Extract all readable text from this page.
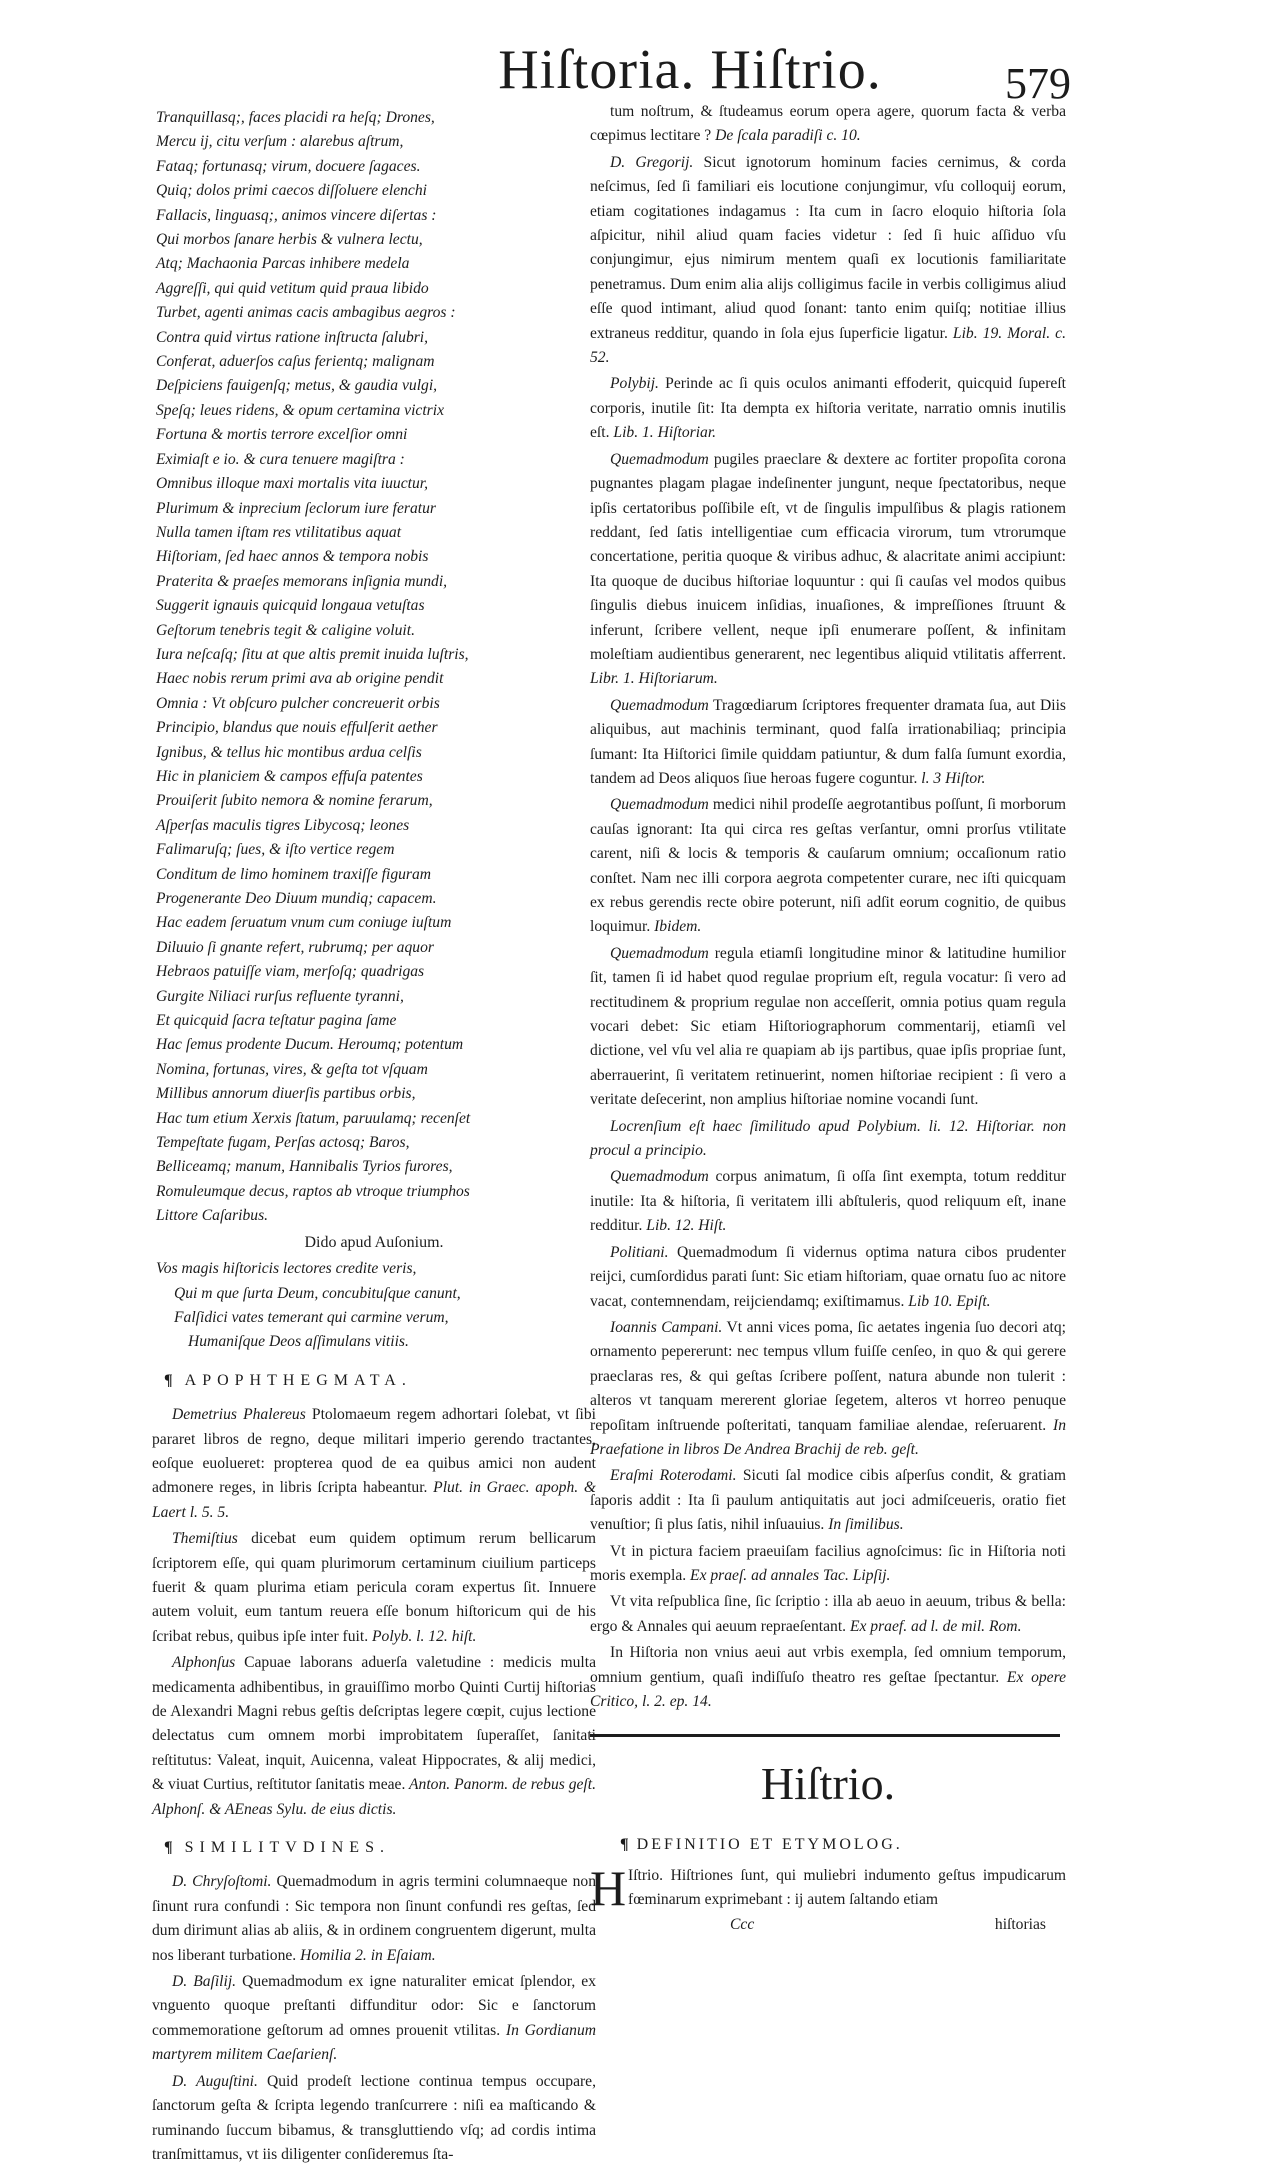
Hiſtoria. Hiſtrio.	579
Tranquillasq;, faces placidi ra heſq; Drones,
Mercu ij, citu verſum : alarebus aſtrum,
Fataq; fortunasq; virum, docuere ſagaces.
Quiq; dolos primi caecos diſſoluere elenchi
Fallacis, linguasq;, animos vincere diſertas :
Qui morbos ſanare herbis & vulnera lectu,
Atq; Machaonia Parcas inhibere medela
Aggreſſi, qui quid vetitum quid praua libido
Turbet, agenti animas cacis ambagibus aegros :
Contra quid virtus ratione inſtructa ſalubri,
Conferat, aduerſos caſus ferientq; malignam
Deſpiciens fauigenſq; metus, & gaudia vulgi,
Speſq; leues ridens, & opum certamina victrix
Fortuna & mortis terrore excelſior omni
Eximiaſt e io. & cura tenuere magiſtra :
Omnibus illoque maxi mortalis vita iuuctur,
Plurimum & inprecium ſeclorum iure feratur
Nulla tamen iſtam res vtilitatibus aquat
Hiſtoriam, ſed haec annos & tempora nobis
Praterita & praeſes memorans inſignia mundi,
Suggerit ignauis quicquid longaua vetuſtas
Geſtorum tenebris tegit & caligine voluit.
Iura neſcaſq; ſitu at que altis premit inuida luſtris,
Haec nobis rerum primi ava ab origine pendit
Omnia : Vt obſcuro pulcher concreuerit orbis
Principio, blandus que nouis effulſerit aether
Ignibus, & tellus hic montibus ardua celſis
Hic in planiciem & campos effuſa patentes
Prouiſerit ſubito nemora & nomine ferarum,
Aſperſas maculis tigres Libycosq; leones
Falimaruſq; ſues, & iſto vertice regem
Conditum de limo hominem traxiſſe figuram
Progenerante Deo Diuum mundiq; capacem.
Hac eadem ſeruatum vnum cum coniuge iuſtum
Diluuio ſi gnante refert, rubrumq; per aquor
Hebraos patuiſſe viam, merſoſq; quadrigas
Gurgite Niliaci rurſus refluente tyranni,
Et quicquid ſacra teſtatur pagina ſame
Hac ſemus prodente Ducum. Heroumq; potentum
Nomina, fortunas, vires, & geſta tot vſquam
Millibus annorum diuerſis partibus orbis,
Hac tum etium Xerxis ſtatum, paruulamq; recenſet
Tempeſtate fugam, Perſas actosq; Baros,
Belliceamq; manum, Hannibalis Tyrios furores,
Romuleumque decus, raptos ab vtroque triumphos
Littore Caſaribus.
Dido apud Auſonium.
Vos magis hiſtoricis lectores credite veris,
Qui m que ſurta Deum, concubituſque canunt,
Falſidici vates temerant qui carmine verum,
Humaniſque Deos aſſimulans vitiis.
¶ APOPHTHEGMATA.
Demetrius Phalereus Ptolomaeum regem adhortari ſolebat, vt ſibi pararet libros de regno, deque militari imperio gerendo tractantes, eoſque euolueret: propterea quod de ea quibus amici non audent admonere reges, in libris ſcripta habeantur. Plut. in Graec. apoph. & Laert l. 5. 5.
Themiſtius dicebat eum quidem optimum rerum bellicarum ſcriptorem eſſe, qui quam plurimorum certaminum ciuilium particeps fuerit & quam plurima etiam pericula coram expertus ſit. Innuere autem voluit, eum tantum reuera eſſe bonum hiſtoricum qui de his ſcribat rebus, quibus ipſe inter fuit. Polyb. l. 12. hiſt.
Alphonſus Capuae laborans aduerſa valetudine : medicis multa medicamenta adhibentibus, in grauiſſimo morbo Quinti Curtij hiſtorias de Alexandri Magni rebus geſtis deſcriptas legere cœpit, cujus lectione delectatus cum omnem morbi improbitatem ſuperaſſet, ſanitati reſtitutus: Valeat, inquit, Auicenna, valeat Hippocrates, & alij medici, & viuat Curtius, reſtitutor ſanitatis meae. Anton. Panorm. de rebus geſt. Alphonſ. & AEneas Sylu. de eius dictis.
¶ SIMILITVDINES.
D. Chryſoſtomi. Quemadmodum in agris termini columnaeque non ſinunt rura confundi : Sic tempora non ſinunt confundi res geſtas, ſed dum dirimunt alias ab aliis, & in ordinem congruentem digerunt, multa nos liberant turbatione. Homilia 2. in Eſaiam.
D. Baſilij. Quemadmodum ex igne naturaliter emicat ſplendor, ex vnguento quoque preſtanti diffunditur odor: Sic e ſanctorum commemoratione geſtorum ad omnes prouenit vtilitas. In Gordianum martyrem militem Caeſarienſ.
D. Auguſtini. Quid prodeſt lectione continua tempus occupare, ſanctorum geſta & ſcripta legendo tranſcurrere : niſi ea maſticando & ruminando ſuccum bibamus, & transgluttiendo vſq; ad cordis intima tranſmittamus, vt iis diligenter conſideremus ſta-
tum noſtrum, & ſtudeamus eorum opera agere, quorum facta & verba cœpimus lectitare ? De ſcala paradiſi c. 10.
D. Gregorij. Sicut ignotorum hominum facies cernimus, & corda neſcimus, ſed ſi familiari eis locutione conjungimur, vſu colloquij eorum, etiam cogitationes indagamus : Ita cum in ſacro eloquio hiſtoria ſola aſpicitur, nihil aliud quam facies videtur : ſed ſi huic aſſiduo vſu conjungimur, ejus nimirum mentem quaſi ex locutionis familiaritate penetramus. Dum enim alia alijs colligimus facile in verbis colligimus aliud eſſe quod intimant, aliud quod ſonant: tanto enim quiſq; notitiae illius extraneus redditur, quando in ſola ejus ſuperficie ligatur. Lib. 19. Moral. c. 52.
Polybij. Perinde ac ſi quis oculos animanti effoderit, quicquid ſupereſt corporis, inutile ſit: Ita dempta ex hiſtoria veritate, narratio omnis inutilis eſt. Lib. 1. Hiſtoriar.
Quemadmodum pugiles praeclare & dextere ac fortiter propoſita corona pugnantes plagam plagae indeſinenter jungunt, neque ſpectatoribus, neque ipſis certatoribus poſſibile eſt, vt de ſingulis impulſibus & plagis rationem reddant, ſed ſatis intelligentiae cum efficacia virorum, tum vtrorumque concertatione, peritia quoque & viribus adhuc, & alacritate animi accipiunt: Ita quoque de ducibus hiſtoriae loquuntur : qui ſi cauſas vel modos quibus ſingulis diebus inuicem inſidias, inuaſiones, & impreſſiones ſtruunt & inferunt, ſcribere vellent, neque ipſi enumerare poſſent, & infinitam moleſtiam audientibus generarent, nec legentibus aliquid vtilitatis afferrent. Libr. 1. Hiſtoriarum.
Quemadmodum Tragœdiarum ſcriptores frequenter dramata ſua, aut Diis aliquibus, aut machinis terminant, quod falſa irrationabiliaq; principia ſumant: Ita Hiſtorici ſimile quiddam patiuntur, & dum falſa ſumunt exordia, tandem ad Deos aliquos ſiue heroas fugere coguntur. l. 3 Hiſtor.
Quemadmodum medici nihil prodeſſe aegrotantibus poſſunt, ſi morborum cauſas ignorant: Ita qui circa res geſtas verſantur, omni prorſus vtilitate carent, niſi & locis & temporis & cauſarum omnium; occaſionum ratio conſtet. Nam nec illi corpora aegrota competenter curare, nec iſti quicquam ex rebus gerendis recte obire poterunt, niſi adſit eorum cognitio, de quibus loquimur. Ibidem.
Quemadmodum regula etiamſi longitudine minor & latitudine humilior ſit, tamen ſi id habet quod regulae proprium eſt, regula vocatur: ſi vero ad rectitudinem & proprium regulae non acceſſerit, omnia potius quam regula vocari debet: Sic etiam Hiſtoriographorum commentarij, etiamſi vel dictione, vel vſu vel alia re quapiam ab ijs partibus, quae ipſis propriae ſunt, aberrauerint, ſi veritatem retinuerint, nomen hiſtoriae recipient : ſi vero a veritate deſecerint, non amplius hiſtoriae nomine vocandi ſunt.
Locrenſium eſt haec ſimilitudo apud Polybium. li. 12. Hiſtoriar. non procul a principio.
Quemadmodum corpus animatum, ſi oſſa ſint exempta, totum redditur inutile: Ita & hiſtoria, ſi veritatem illi abſtuleris, quod reliquum eſt, inane redditur. Lib. 12. Hiſt.
Politiani. Quemadmodum ſi vidernus optima natura cibos prudenter reijci, cumſordidus parati ſunt: Sic etiam hiſtoriam, quae ornatu ſuo ac nitore vacat, contemnendam, reijciendamq; exiſtimamus. Lib 10. Epiſt.
Ioannis Campani. Vt anni vices poma, ſic aetates ingenia ſuo decori atq; ornamento pepererunt: nec tempus vllum fuiſſe cenſeo, in quo & qui gerere praeclaras res, & qui geſtas ſcribere poſſent, natura abunde non tulerit : alteros vt tanquam mererent gloriae ſegetem, alteros vt horreo penuque repoſitam inſtruende poſteritati, tanquam familiae alendae, reſeruarent. In Praefatione in libros De Andrea Brachij de reb. geſt.
Eraſmi Roterodami. Sicuti ſal modice cibis aſperſus condit, & gratiam ſaporis addit : Ita ſi paulum antiquitatis aut joci admiſceueris, oratio fiet venuſtior; ſi plus ſatis, nihil inſuauius. In ſimilibus.
Vt in pictura faciem praeuiſam facilius agnoſcimus: ſic in Hiſtoria noti moris exempla. Ex praeſ. ad annales Tac. Lipſij.
Vt vita reſpublica ſine, ſic ſcriptio : illa ab aeuo in aeuum, tribus & bella: ergo & Annales qui aeuum repraeſentant. Ex praef. ad l. de mil. Rom.
In Hiſtoria non vnius aeui aut vrbis exempla, ſed omnium temporum, omnium gentium, quaſi indiſſuſo theatro res geſtae ſpectantur. Ex opere Critico, l. 2. ep. 14.
Hiſtrio.
¶ DEFINITIO ET ETYMOLOG.
H Iſtrio. Hiſtriones ſunt, qui muliebri indumento geſtus impudicarum fœminarum exprimebant : ij autem ſaltando etiam
Ccc	hiſtorias
